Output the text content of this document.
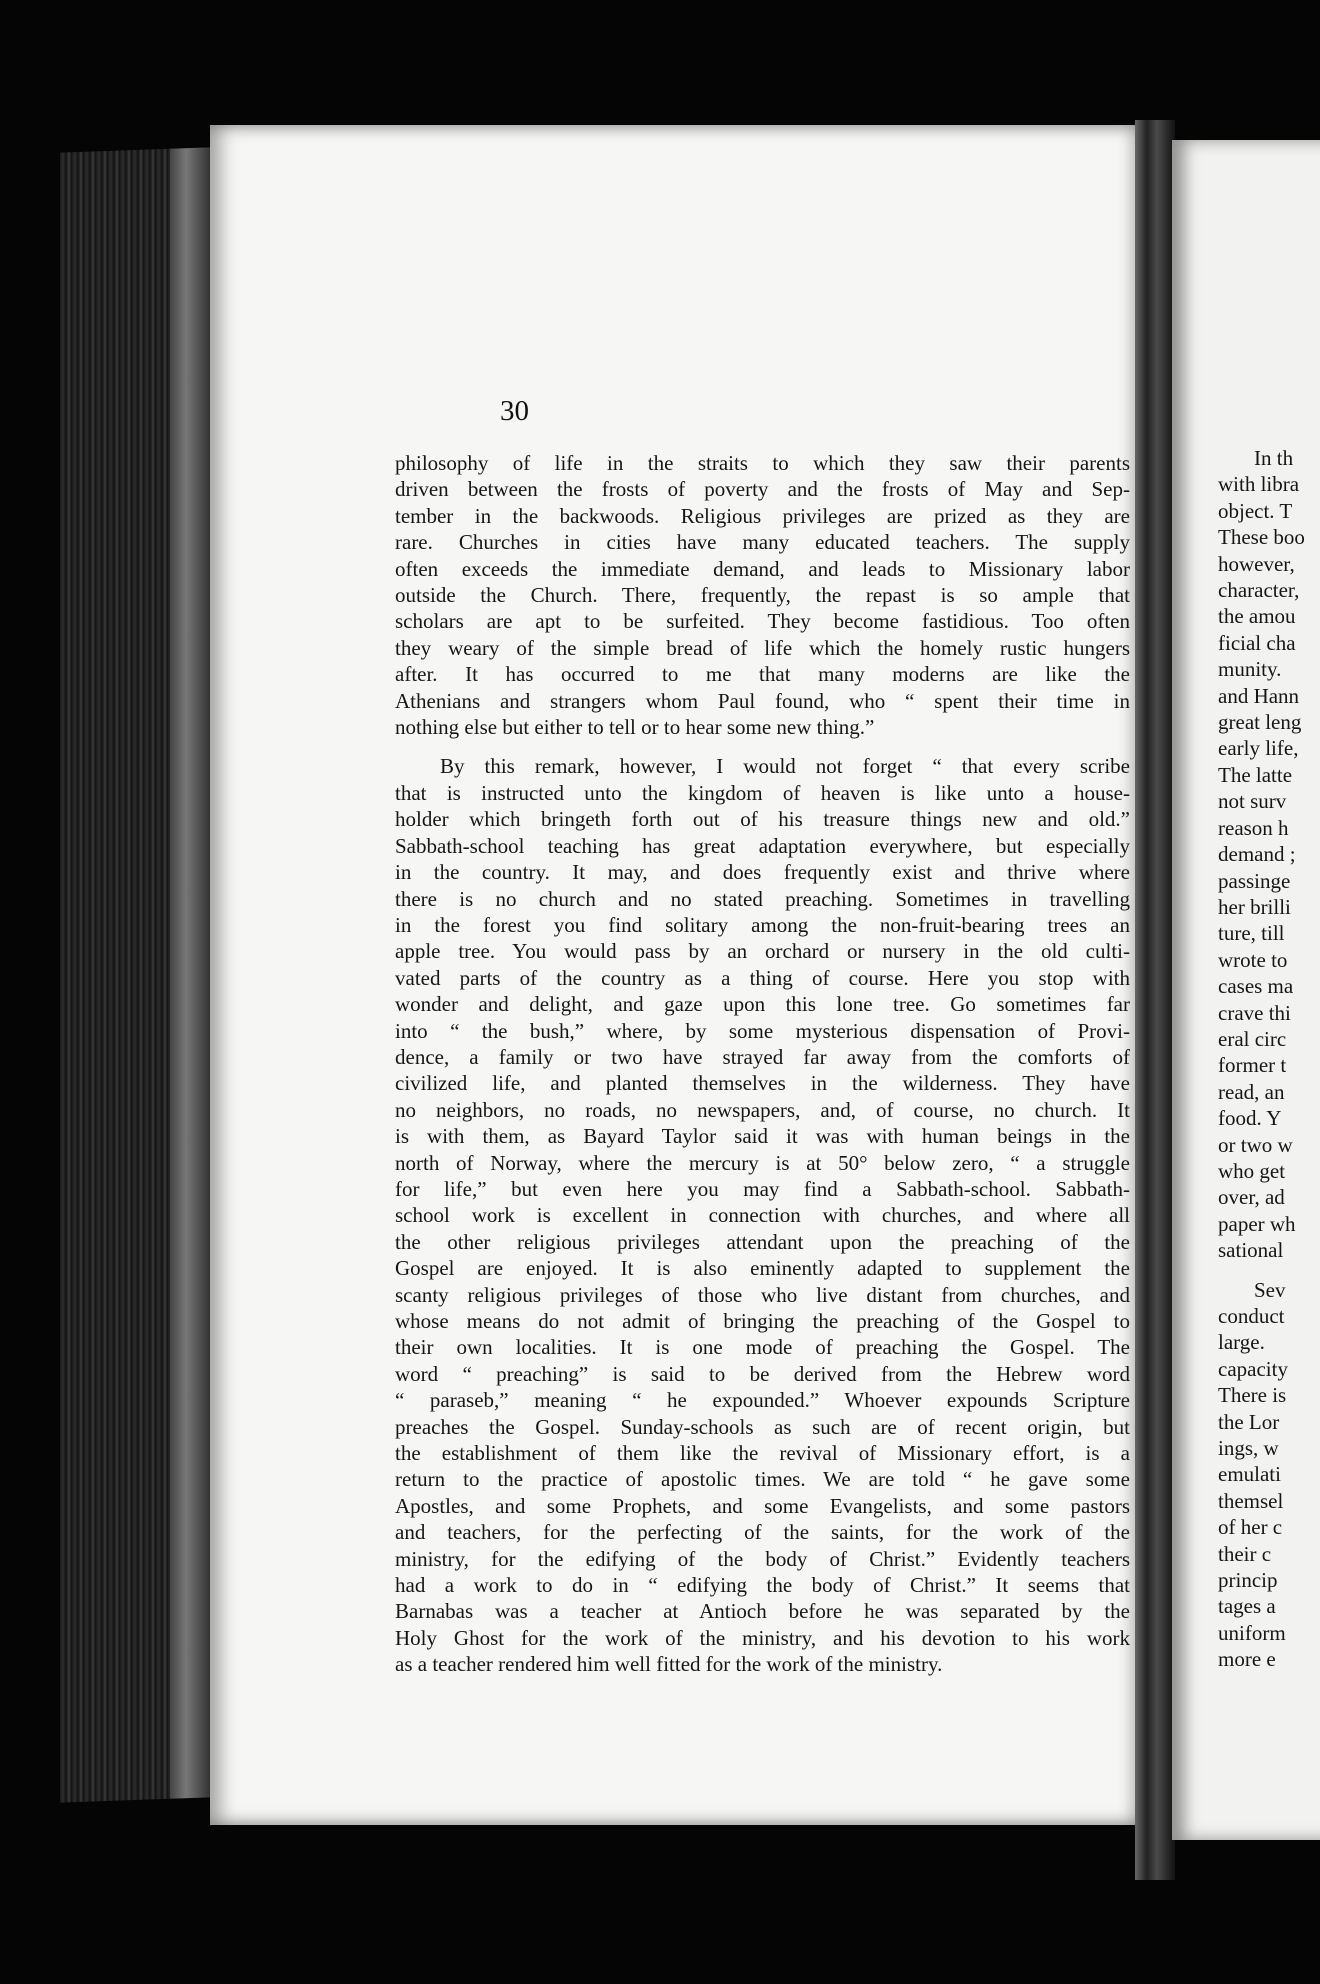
30
philosophy of life in the straits to which they saw their parents
driven between the frosts of poverty and the frosts of May and Sep-
tember in the backwoods. Religious privileges are prized as they are
rare. Churches in cities have many educated teachers. The supply
often exceeds the immediate demand, and leads to Missionary labor
outside the Church. There, frequently, the repast is so ample that
scholars are apt to be surfeited. They become fastidious. Too often
they weary of the simple bread of life which the homely rustic hungers
after. It has occurred to me that many moderns are like the
Athenians and strangers whom Paul found, who “ spent their time in
nothing else but either to tell or to hear some new thing.”
By this remark, however, I would not forget “ that every scribe
that is instructed unto the kingdom of heaven is like unto a house-
holder which bringeth forth out of his treasure things new and old.”
Sabbath-school teaching has great adaptation everywhere, but especially
in the country. It may, and does frequently exist and thrive where
there is no church and no stated preaching. Sometimes in travelling
in the forest you find solitary among the non-fruit-bearing trees an
apple tree. You would pass by an orchard or nursery in the old culti-
vated parts of the country as a thing of course. Here you stop with
wonder and delight, and gaze upon this lone tree. Go sometimes far
into “ the bush,” where, by some mysterious dispensation of Provi-
dence, a family or two have strayed far away from the comforts of
civilized life, and planted themselves in the wilderness. They have
no neighbors, no roads, no newspapers, and, of course, no church. It
is with them, as Bayard Taylor said it was with human beings in the
north of Norway, where the mercury is at 50° below zero, “ a struggle
for life,” but even here you may find a Sabbath-school. Sabbath-
school work is excellent in connection with churches, and where all
the other religious privileges attendant upon the preaching of the
Gospel are enjoyed. It is also eminently adapted to supplement the
scanty religious privileges of those who live distant from churches, and
whose means do not admit of bringing the preaching of the Gospel to
their own localities. It is one mode of preaching the Gospel. The
word “ preaching” is said to be derived from the Hebrew word
“ paraseb,” meaning “ he expounded.” Whoever expounds Scripture
preaches the Gospel. Sunday-schools as such are of recent origin, but
the establishment of them like the revival of Missionary effort, is a
return to the practice of apostolic times. We are told “ he gave some
Apostles, and some Prophets, and some Evangelists, and some pastors
and teachers, for the perfecting of the saints, for the work of the
ministry, for the edifying of the body of Christ.” Evidently teachers
had a work to do in “ edifying the body of Christ.” It seems that
Barnabas was a teacher at Antioch before he was separated by the
Holy Ghost for the work of the ministry, and his devotion to his work
as a teacher rendered him well fitted for the work of the ministry.
In th
with libra
object. T
These boo
however,
character,
the amou
ficial cha
munity.
and Hann
great leng
early life,
The latte
not surv
reason h
demand ;
passinge
her brilli
ture, till
wrote to
cases ma
crave thi
eral circ
former t
read, an
food. Y
or two w
who get
over, ad
paper wh
sational
Sev
conduct
large.
capacity
There is
the Lor
ings, w
emulati
themsel
of her c
their c
princip
tages a
uniform
more e
